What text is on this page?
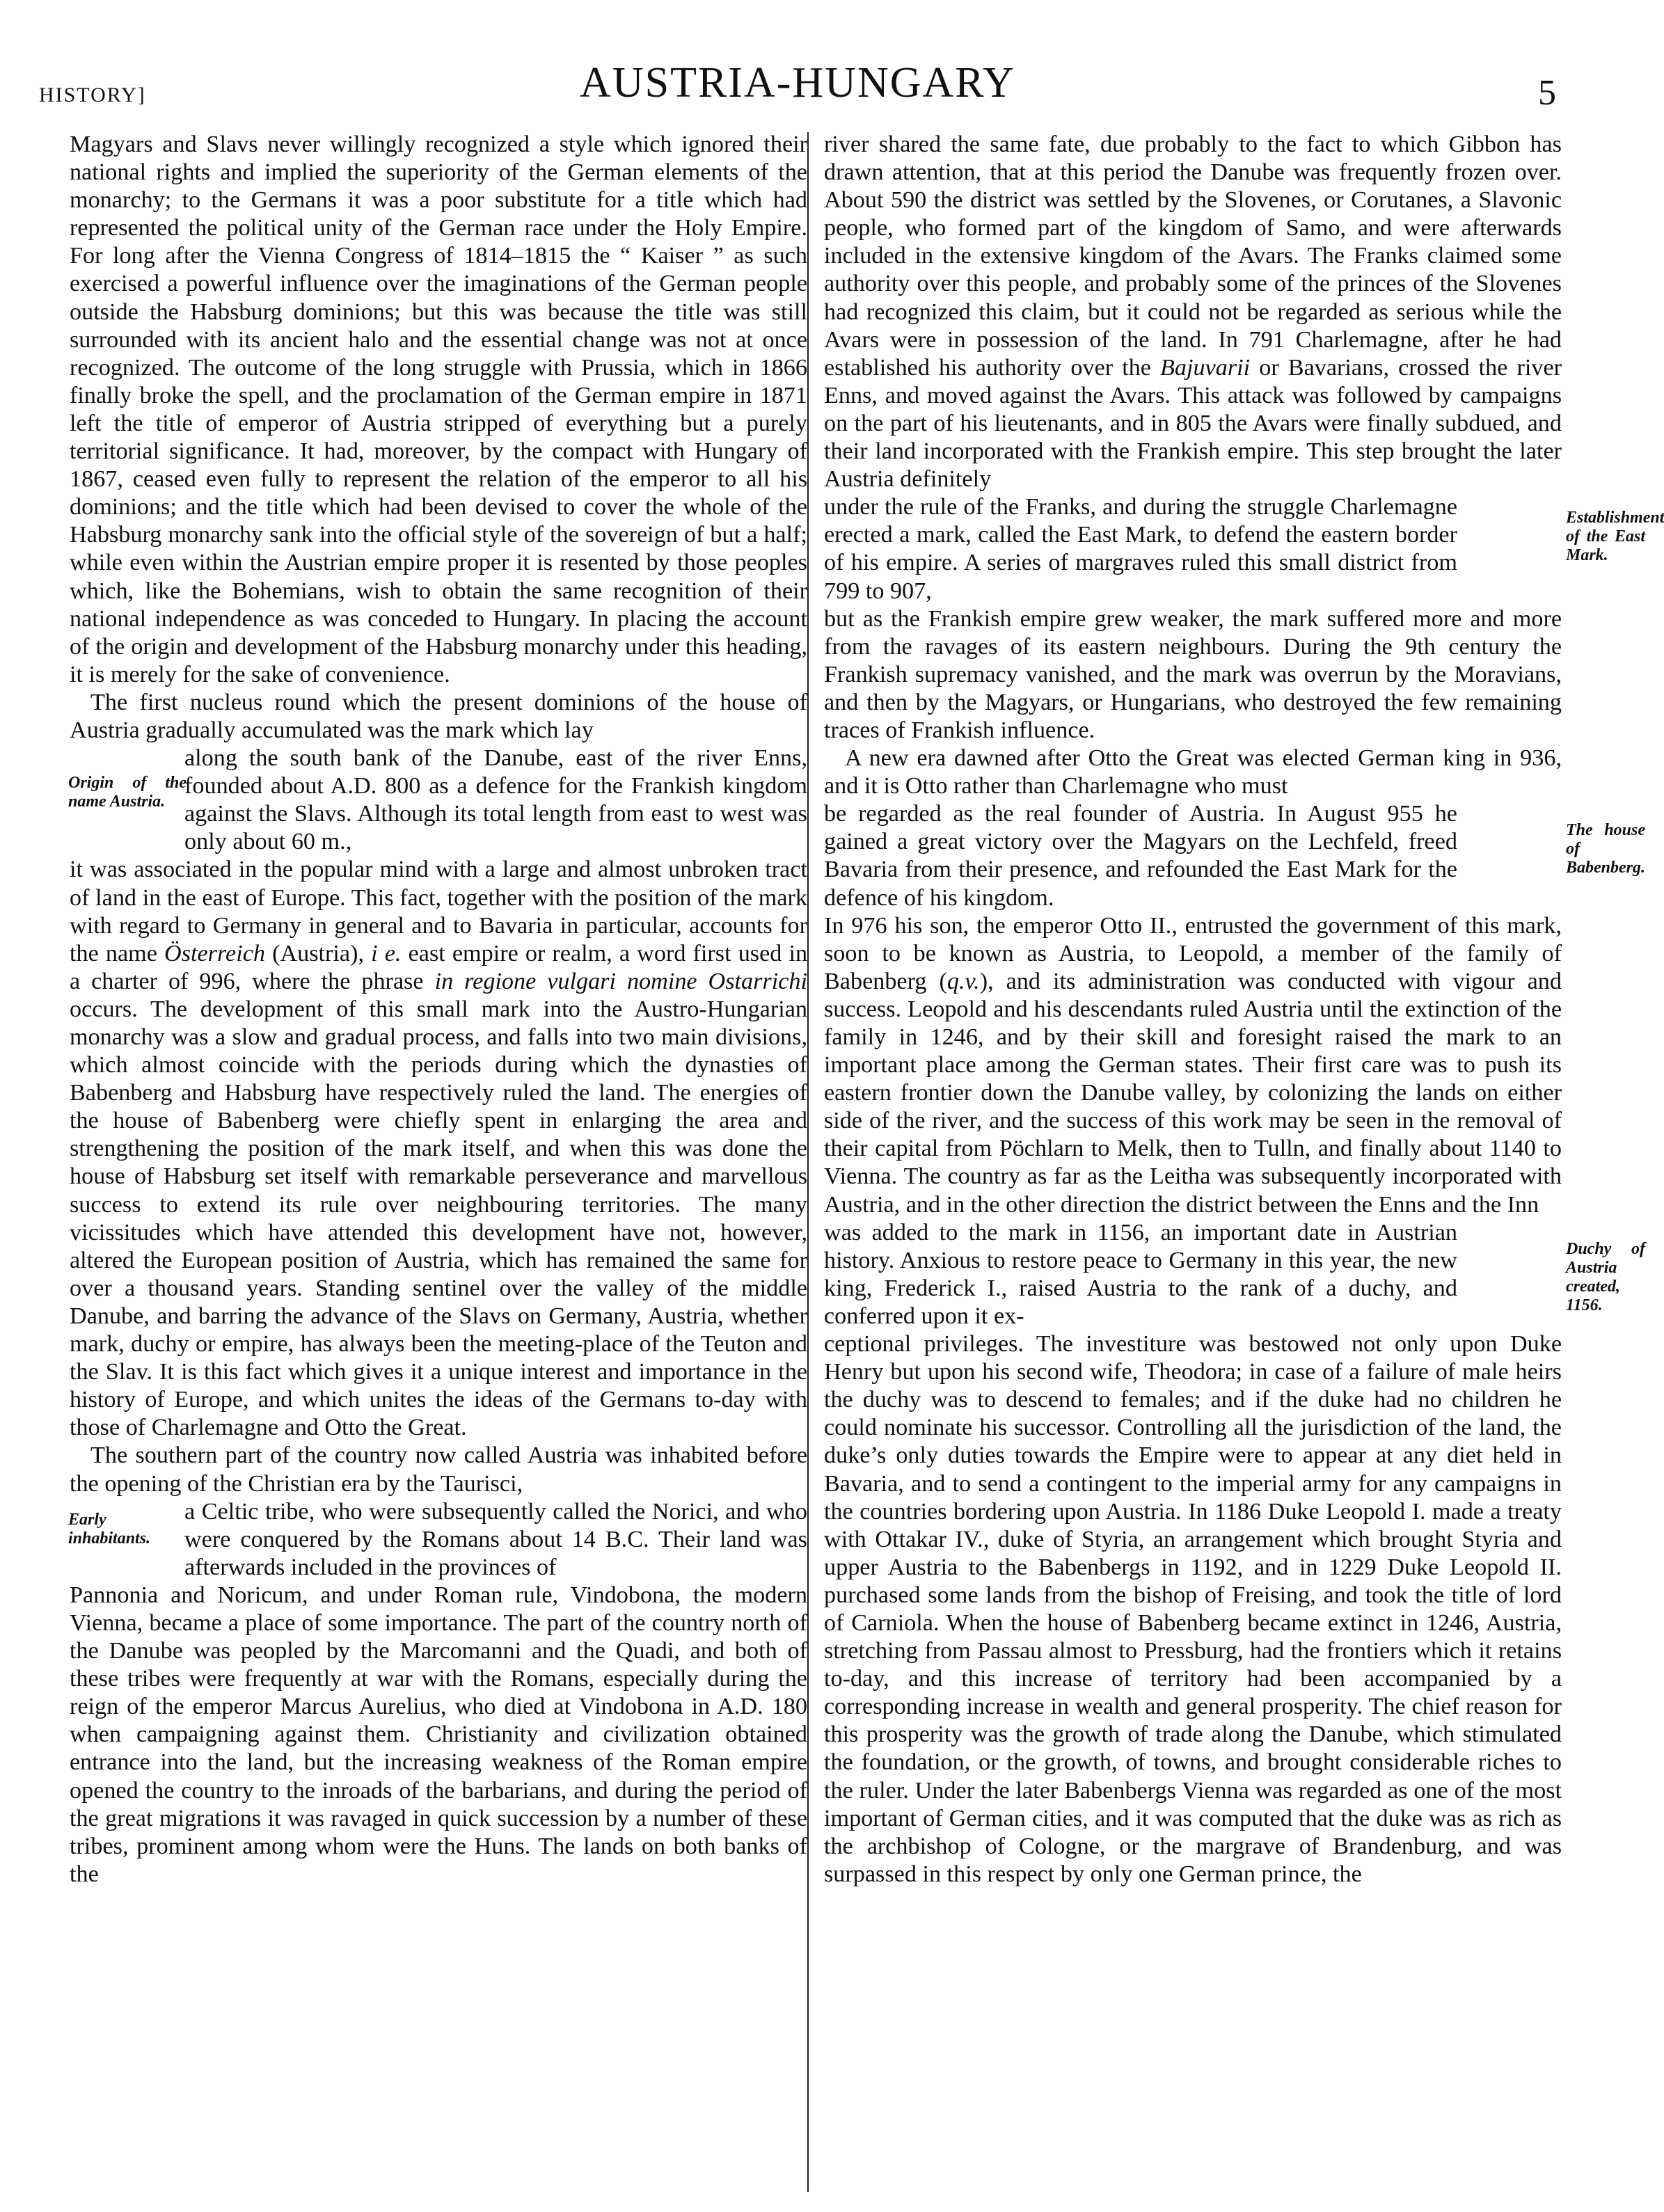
HISTORY]	AUSTRIA-HUNGARY	5

Magyars and Slavs never willingly recognized a style which ignored their national rights and implied the superiority of the German elements of the monarchy; to the Germans it was a poor substitute for a title which had represented the political unity of the German race under the Holy Empire. For long after the Vienna Congress of 1814–1815 the “ Kaiser ” as such exercised a powerful influence over the imaginations of the German people outside the Habsburg dominions; but this was because the title was still surrounded with its ancient halo and the essential change was not at once recognized. The outcome of the long struggle with Prussia, which in 1866 finally broke the spell, and the proclamation of the German empire in 1871 left the title of emperor of Austria stripped of everything but a purely territorial significance. It had, moreover, by the compact with Hungary of 1867, ceased even fully to represent the relation of the emperor to all his dominions; and the title which had been devised to cover the whole of the Habsburg monarchy sank into the official style of the sovereign of but a half; while even within the Austrian empire proper it is resented by those peoples which, like the Bohemians, wish to obtain the same recognition of their national independence as was conceded to Hungary. In placing the account of the origin and development of the Habsburg monarchy under this heading, it is merely for the sake of convenience.

The first nucleus round which the present dominions of the house of Austria gradually accumulated was the mark which lay

Origin of the name Austria.

along the south bank of the Danube, east of the river Enns, founded about A.D. 800 as a defence for the Frankish kingdom against the Slavs. Although its total length from east to west was only about 60 m.,

it was associated in the popular mind with a large and almost unbroken tract of land in the east of Europe. This fact, together with the position of the mark with regard to Germany in general and to Bavaria in particular, accounts for the name Österreich (Austria), i e. east empire or realm, a word first used in a charter of 996, where the phrase in regione vulgari nomine Ostarrichi occurs. The development of this small mark into the Austro-Hungarian monarchy was a slow and gradual process, and falls into two main divisions, which almost coincide with the periods during which the dynasties of Babenberg and Habsburg have respectively ruled the land. The energies of the house of Babenberg were chiefly spent in enlarging the area and strengthening the position of the mark itself, and when this was done the house of Habsburg set itself with remarkable perseverance and marvellous success to extend its rule over neighbouring territories. The many vicissitudes which have attended this development have not, however, altered the European position of Austria, which has remained the same for over a thousand years. Standing sentinel over the valley of the middle Danube, and barring the advance of the Slavs on Germany, Austria, whether mark, duchy or empire, has always been the meeting-place of the Teuton and the Slav. It is this fact which gives it a unique interest and importance in the history of Europe, and which unites the ideas of the Germans to-day with those of Charlemagne and Otto the Great.

The southern part of the country now called Austria was inhabited before the opening of the Christian era by the Taurisci,

Early inhabitants.

a Celtic tribe, who were subsequently called the Norici, and who were conquered by the Romans about 14 B.C. Their land was afterwards included in the provinces of

Pannonia and Noricum, and under Roman rule, Vindobona, the modern Vienna, became a place of some importance. The part of the country north of the Danube was peopled by the Marcomanni and the Quadi, and both of these tribes were frequently at war with the Romans, especially during the reign of the emperor Marcus Aurelius, who died at Vindobona in A.D. 180 when campaigning against them. Christianity and civilization obtained entrance into the land, but the increasing weakness of the Roman empire opened the country to the inroads of the barbarians, and during the period of the great migrations it was ravaged in quick succession by a number of these tribes, prominent among whom were the Huns. The lands on both banks of the

river shared the same fate, due probably to the fact to which Gibbon has drawn attention, that at this period the Danube was frequently frozen over. About 590 the district was settled by the Slovenes, or Corutanes, a Slavonic people, who formed part of the kingdom of Samo, and were afterwards included in the extensive kingdom of the Avars. The Franks claimed some authority over this people, and probably some of the princes of the Slovenes had recognized this claim, but it could not be regarded as serious while the Avars were in possession of the land. In 791 Charlemagne, after he had established his authority over the Bajuvarii or Bavarians, crossed the river Enns, and moved against the Avars. This attack was followed by campaigns on the part of his lieutenants, and in 805 the Avars were finally subdued, and their land incorporated with the Frankish empire. This step brought the later Austria definitely

Establishment of the East Mark.

under the rule of the Franks, and during the struggle Charlemagne erected a mark, called the East Mark, to defend the eastern border of his empire. A series of margraves ruled this small district from 799 to 907,

but as the Frankish empire grew weaker, the mark suffered more and more from the ravages of its eastern neighbours. During the 9th century the Frankish supremacy vanished, and the mark was overrun by the Moravians, and then by the Magyars, or Hungarians, who destroyed the few remaining traces of Frankish influence.

A new era dawned after Otto the Great was elected German king in 936, and it is Otto rather than Charlemagne who must

The house of Babenberg.

be regarded as the real founder of Austria. In August 955 he gained a great victory over the Magyars on the Lechfeld, freed Bavaria from their presence, and refounded the East Mark for the defence of his kingdom.

In 976 his son, the emperor Otto II., entrusted the government of this mark, soon to be known as Austria, to Leopold, a member of the family of Babenberg (q.v.), and its administration was conducted with vigour and success. Leopold and his descendants ruled Austria until the extinction of the family in 1246, and by their skill and foresight raised the mark to an important place among the German states. Their first care was to push its eastern frontier down the Danube valley, by colonizing the lands on either side of the river, and the success of this work may be seen in the removal of their capital from Pöchlarn to Melk, then to Tulln, and finally about 1140 to Vienna. The country as far as the Leitha was subsequently incorporated with Austria, and in the other direction the district between the Enns and the Inn

Duchy of Austria created, 1156.

was added to the mark in 1156, an important date in Austrian history. Anxious to restore peace to Germany in this year, the new king, Frederick I., raised Austria to the rank of a duchy, and conferred upon it ex-

ceptional privileges. The investiture was bestowed not only upon Duke Henry but upon his second wife, Theodora; in case of a failure of male heirs the duchy was to descend to females; and if the duke had no children he could nominate his successor. Controlling all the jurisdiction of the land, the duke’s only duties towards the Empire were to appear at any diet held in Bavaria, and to send a contingent to the imperial army for any campaigns in the countries bordering upon Austria. In 1186 Duke Leopold I. made a treaty with Ottakar IV., duke of Styria, an arrangement which brought Styria and upper Austria to the Babenbergs in 1192, and in 1229 Duke Leopold II. purchased some lands from the bishop of Freising, and took the title of lord of Carniola. When the house of Babenberg became extinct in 1246, Austria, stretching from Passau almost to Pressburg, had the frontiers which it retains to-day, and this increase of territory had been accompanied by a corresponding increase in wealth and general prosperity. The chief reason for this prosperity was the growth of trade along the Danube, which stimulated the foundation, or the growth, of towns, and brought considerable riches to the ruler. Under the later Babenbergs Vienna was regarded as one of the most important of German cities, and it was computed that the duke was as rich as the archbishop of Cologne, or the margrave of Brandenburg, and was surpassed in this respect by only one German prince, the
